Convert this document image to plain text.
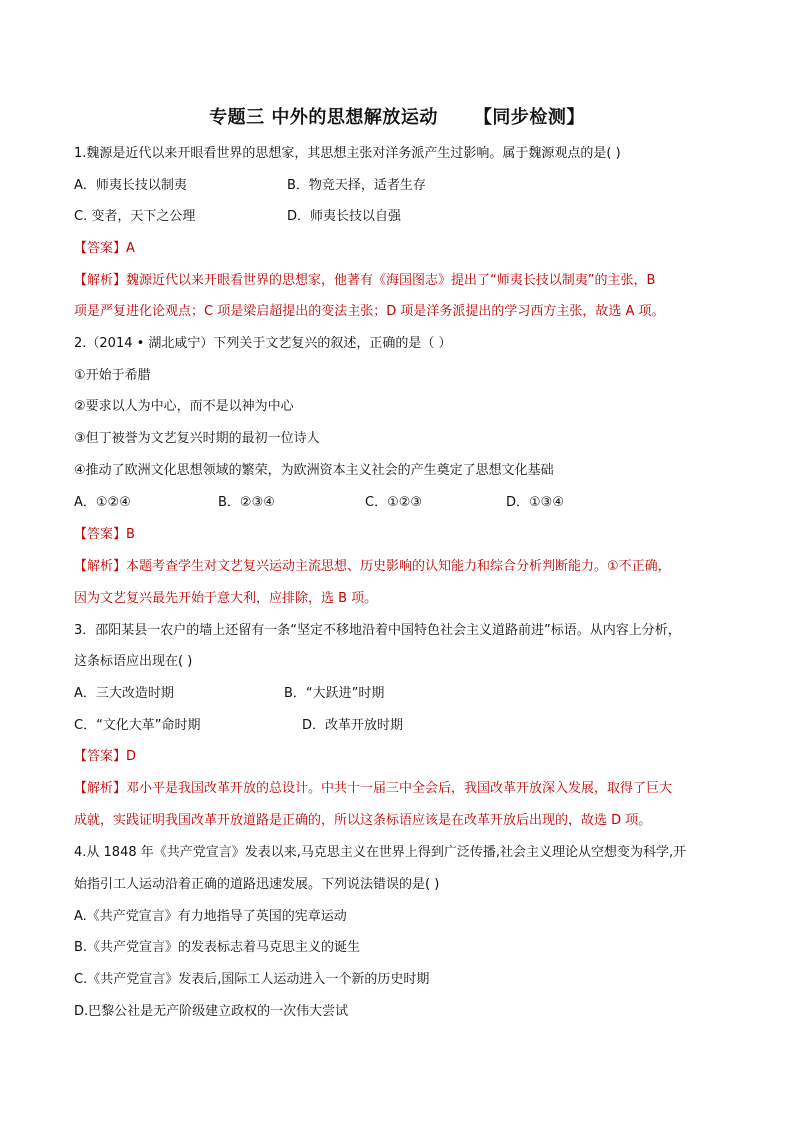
专题三 中外的思想解放运动 【同步检测】
1.魏源是近代以来开眼看世界的思想家，其思想主张对洋务派产生过影响。属于魏源观点的是( )
A．师夷长技以制夷	B．物竞天择，适者生存
C. 变者，天下之公理	D．师夷长技以自强
【答案】A
【解析】魏源近代以来开眼看世界的思想家，他著有《海国图志》提出了“师夷长技以制夷”的主张，B
项是严复进化论观点；C 项是梁启超提出的变法主张；D 项是洋务派提出的学习西方主张，故选 A 项。
2.（2014 • 湖北咸宁）下列关于文艺复兴的叙述，正确的是（ ）
①开始于希腊
②要求以人为中心，而不是以神为中心
③但丁被誉为文艺复兴时期的最初一位诗人
④推动了欧洲文化思想领域的繁荣，为欧洲资本主义社会的产生奠定了思想文化基础
A．①②④	B．②③④	C．①②③	D．①③④
【答案】B
【解析】本题考查学生对文艺复兴运动主流思想、历史影响的认知能力和综合分析判断能力。①不正确，
因为文艺复兴最先开始于意大利，应排除，选 B 项。
3．邵阳某县一农户的墙上还留有一条“坚定不移地沿着中国特色社会主义道路前进”标语。从内容上分析，
这条标语应出现在( )
A．三大改造时期	B．“大跃进”时期
C．“文化大革”命时期	D．改革开放时期
【答案】D
【解析】邓小平是我国改革开放的总设计。中共十一届三中全会后，我国改革开放深入发展，取得了巨大
成就，实践证明我国改革开放道路是正确的，所以这条标语应该是在改革开放后出现的，故选 D 项。
4.从 1848 年《共产党宣言》发表以来,马克思主义在世界上得到广泛传播,社会主义理论从空想变为科学,开
始指引工人运动沿着正确的道路迅速发展。下列说法错误的是( )
A.《共产党宣言》有力地指导了英国的宪章运动
B.《共产党宣言》的发表标志着马克思主义的诞生
C.《共产党宣言》发表后,国际工人运动进入一个新的历史时期
D.巴黎公社是无产阶级建立政权的一次伟大尝试
